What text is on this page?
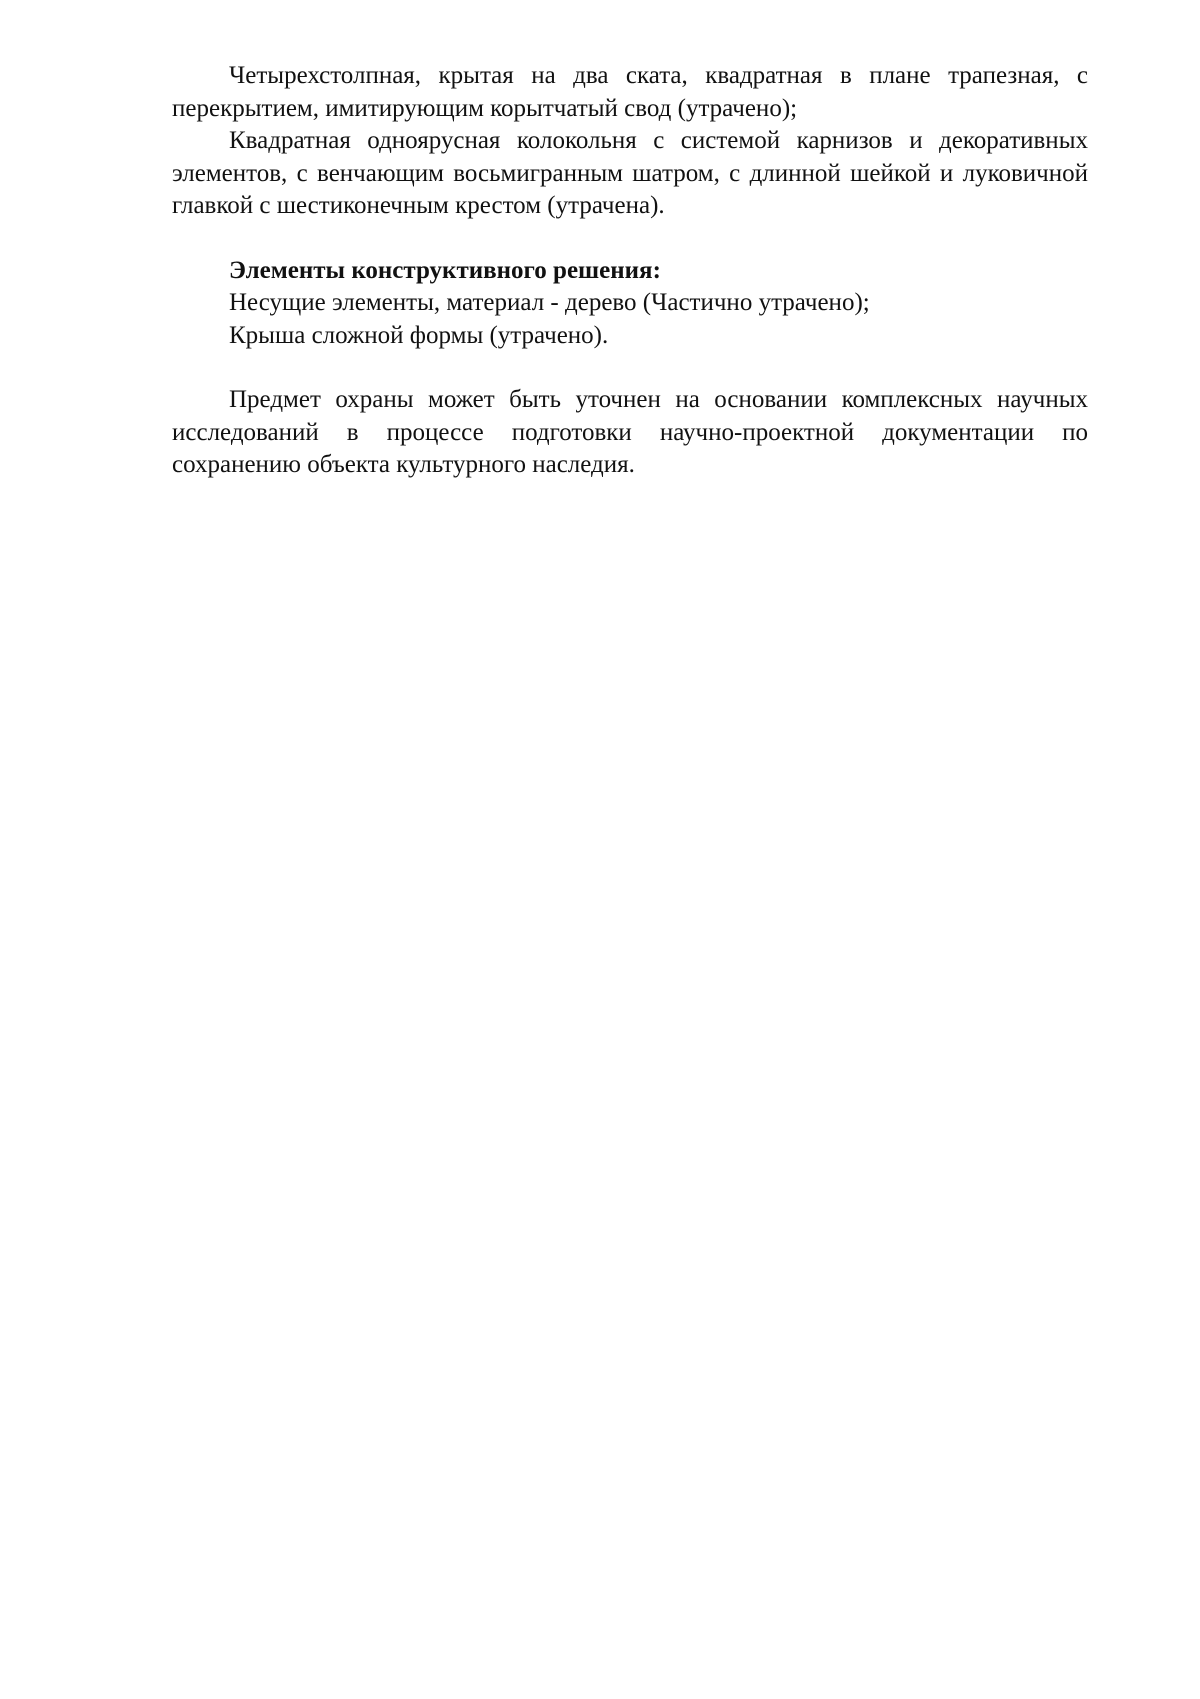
Четырехстолпная, крытая на два ската, квадратная в плане трапезная, с перекрытием, имитирующим корытчатый свод (утрачено);

Квадратная одноярусная колокольня с системой карнизов и декоративных элементов, с венчающим восьмигранным шатром, с длинной шейкой и луковичной главкой с шестиконечным крестом (утрачена).

Элементы конструктивного решения:

Несущие элементы, материал - дерево (Частично утрачено);

Крыша сложной формы (утрачено).

Предмет охраны может быть уточнен на основании комплексных научных исследований в процессе подготовки научно-проектной документации по сохранению объекта культурного наследия.
